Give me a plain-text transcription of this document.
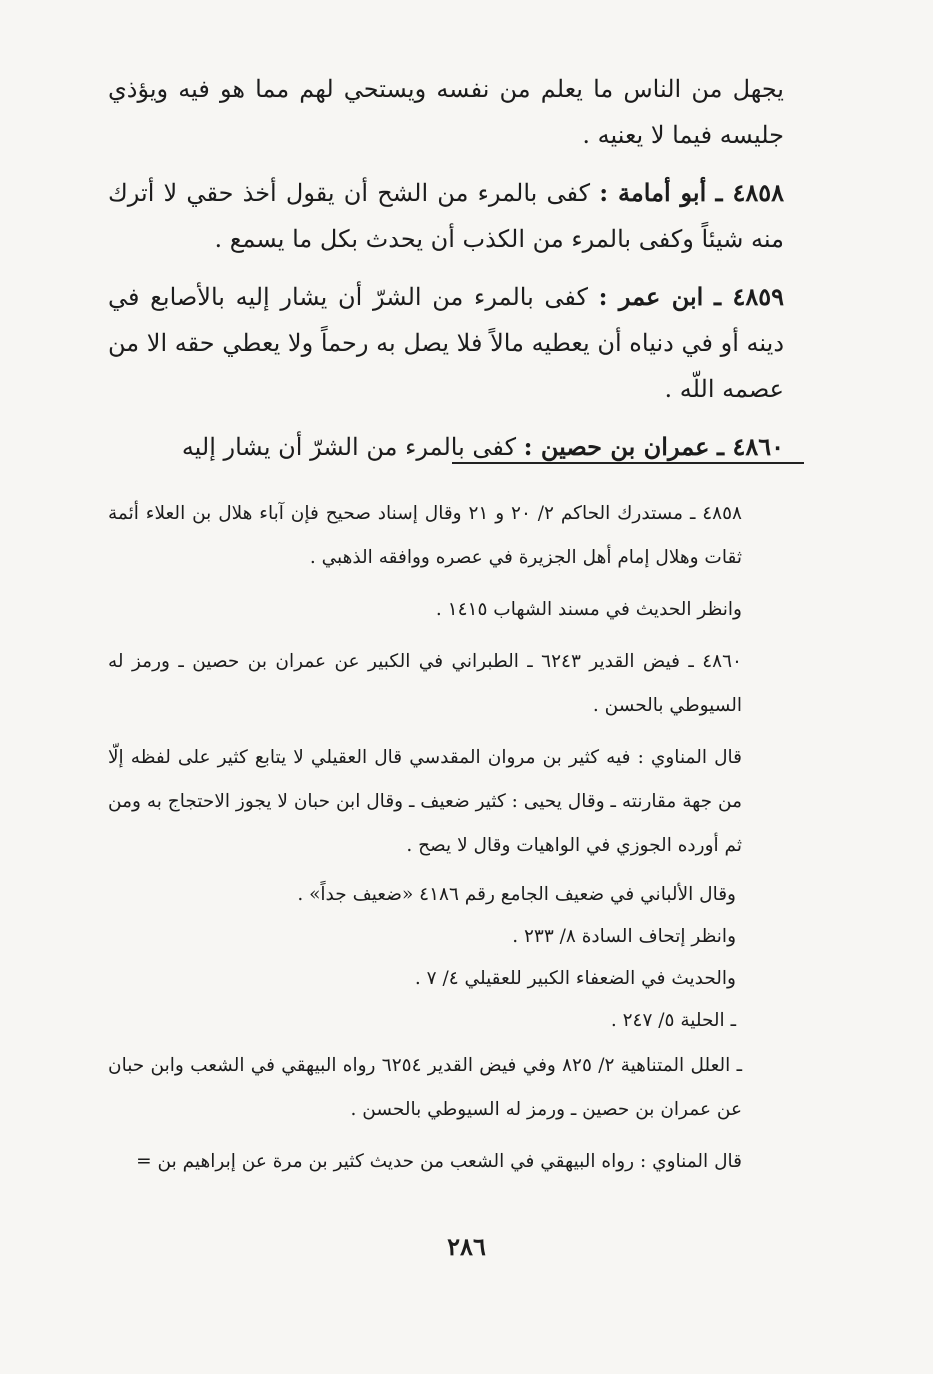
يجهل من الناس ما يعلم من نفسه ويستحي لهم مما هو فيه ويؤذي جليسه فيما لا يعنيه .

٤٨٥٨ ـ أبو أمامة : كفى بالمرء من الشح أن يقول أخذ حقي لا أترك منه شيئاً وكفى بالمرء من الكذب أن يحدث بكل ما يسمع .

٤٨٥٩ ـ ابن عمر : كفى بالمرء من الشرّ أن يشار إليه بالأصابع في دينه أو في دنياه أن يعطيه مالاً فلا يصل به رحماً ولا يعطي حقه الا من عصمه اللّه .

٤٨٦٠ ـ عمران بن حصين : كفى بالمرء من الشرّ أن يشار إليه

٤٨٥٨ ـ مستدرك الحاكم ٢/ ٢٠ و ٢١ وقال إسناد صحيح فإن آباء هلال بن العلاء أئمة ثقات وهلال إمام أهل الجزيرة في عصره ووافقه الذهبي .

وانظر الحديث في مسند الشهاب ١٤١٥ .

٤٨٦٠ ـ فيض القدير ٦٢٤٣ ـ الطبراني في الكبير عن عمران بن حصين ـ ورمز له السيوطي بالحسن .

قال المناوي : فيه كثير بن مروان المقدسي قال العقيلي لا يتابع كثير على لفظه إلّا من جهة مقارنته ـ وقال يحيى : كثير ضعيف ـ وقال ابن حبان لا يجوز الاحتجاج به ومن ثم أورده الجوزي في الواهيات وقال لا يصح .

وقال الألباني في ضعيف الجامع رقم ٤١٨٦ «ضعيف جداً» .

وانظر إتحاف السادة ٨/ ٢٣٣ .

والحديث في الضعفاء الكبير للعقيلي ٤/ ٧ .

ـ الحلية ٥/ ٢٤٧ .

ـ العلل المتناهية ٢/ ٨٢٥ وفي فيض القدير ٦٢٥٤ رواه البيهقي في الشعب وابن حبان عن عمران بن حصين ـ ورمز له السيوطي بالحسن .

قال المناوي : رواه البيهقي في الشعب من حديث كثير بن مرة عن إبراهيم بن =

٢٨٦
